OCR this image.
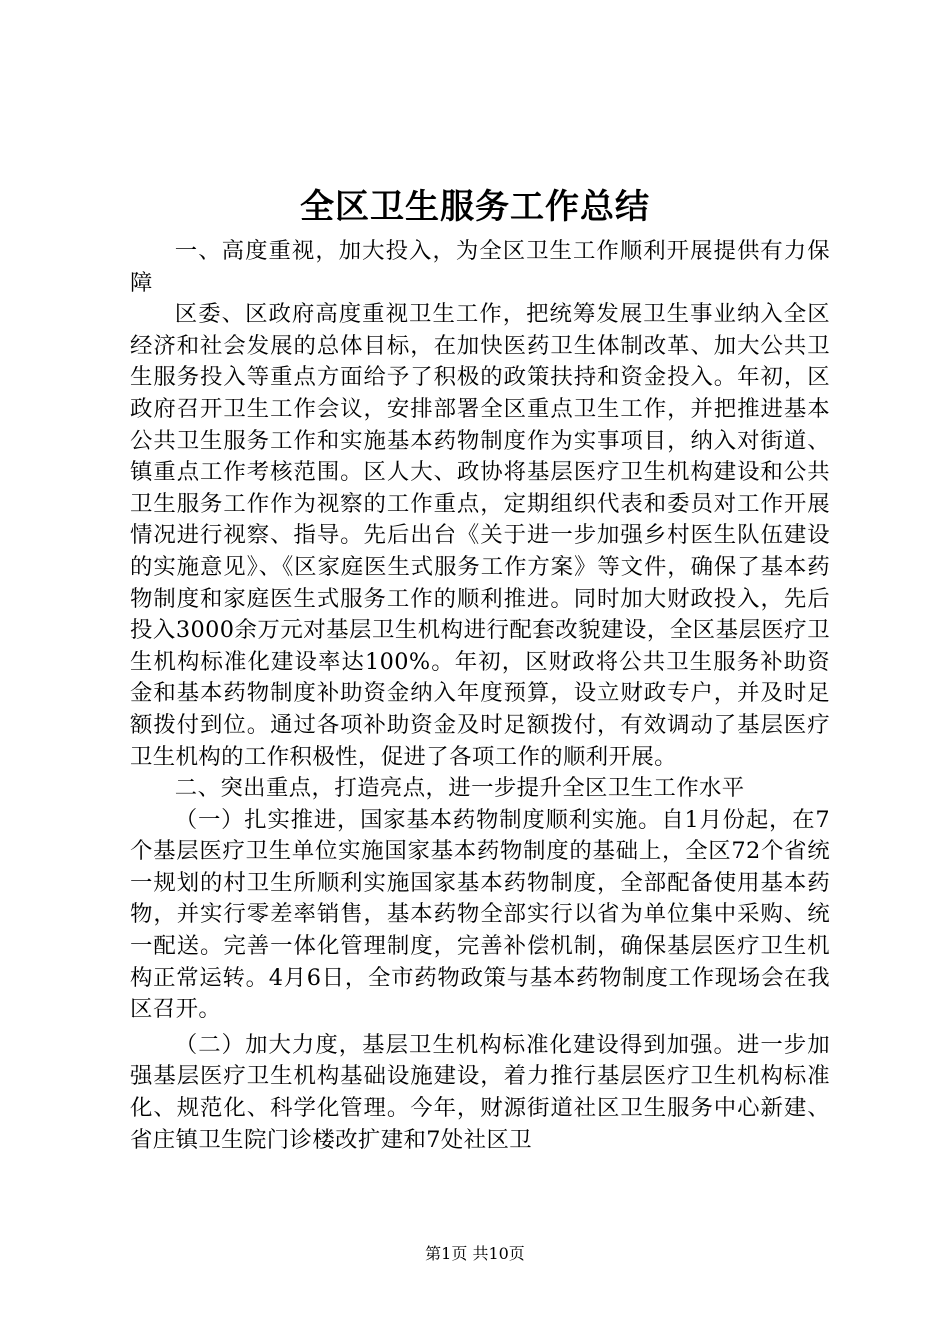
全区卫生服务工作总结

一、高度重视，加大投入，为全区卫生工作顺利开展提供有力保障

区委、区政府高度重视卫生工作，把统筹发展卫生事业纳入全区经济和社会发展的总体目标，在加快医药卫生体制改革、加大公共卫生服务投入等重点方面给予了积极的政策扶持和资金投入。年初，区政府召开卫生工作会议，安排部署全区重点卫生工作，并把推进基本公共卫生服务工作和实施基本药物制度作为实事项目，纳入对街道、镇重点工作考核范围。区人大、政协将基层医疗卫生机构建设和公共卫生服务工作作为视察的工作重点，定期组织代表和委员对工作开展情况进行视察、指导。先后出台《关于进一步加强乡村医生队伍建设的实施意见》、《区家庭医生式服务工作方案》等文件，确保了基本药物制度和家庭医生式服务工作的顺利推进。同时加大财政投入，先后投入3000余万元对基层卫生机构进行配套改貌建设，全区基层医疗卫生机构标准化建设率达100%。年初，区财政将公共卫生服务补助资金和基本药物制度补助资金纳入年度预算，设立财政专户，并及时足额拨付到位。通过各项补助资金及时足额拨付，有效调动了基层医疗卫生机构的工作积极性，促进了各项工作的顺利开展。

二、突出重点，打造亮点，进一步提升全区卫生工作水平

（一）扎实推进，国家基本药物制度顺利实施。自1月份起，在7个基层医疗卫生单位实施国家基本药物制度的基础上，全区72个省统一规划的村卫生所顺利实施国家基本药物制度，全部配备使用基本药物，并实行零差率销售，基本药物全部实行以省为单位集中采购、统一配送。完善一体化管理制度，完善补偿机制，确保基层医疗卫生机构正常运转。4月6日，全市药物政策与基本药物制度工作现场会在我区召开。

（二）加大力度，基层卫生机构标准化建设得到加强。进一步加强基层医疗卫生机构基础设施建设，着力推行基层医疗卫生机构标准化、规范化、科学化管理。今年，财源街道社区卫生服务中心新建、省庄镇卫生院门诊楼改扩建和7处社区卫

第1页 共10页
